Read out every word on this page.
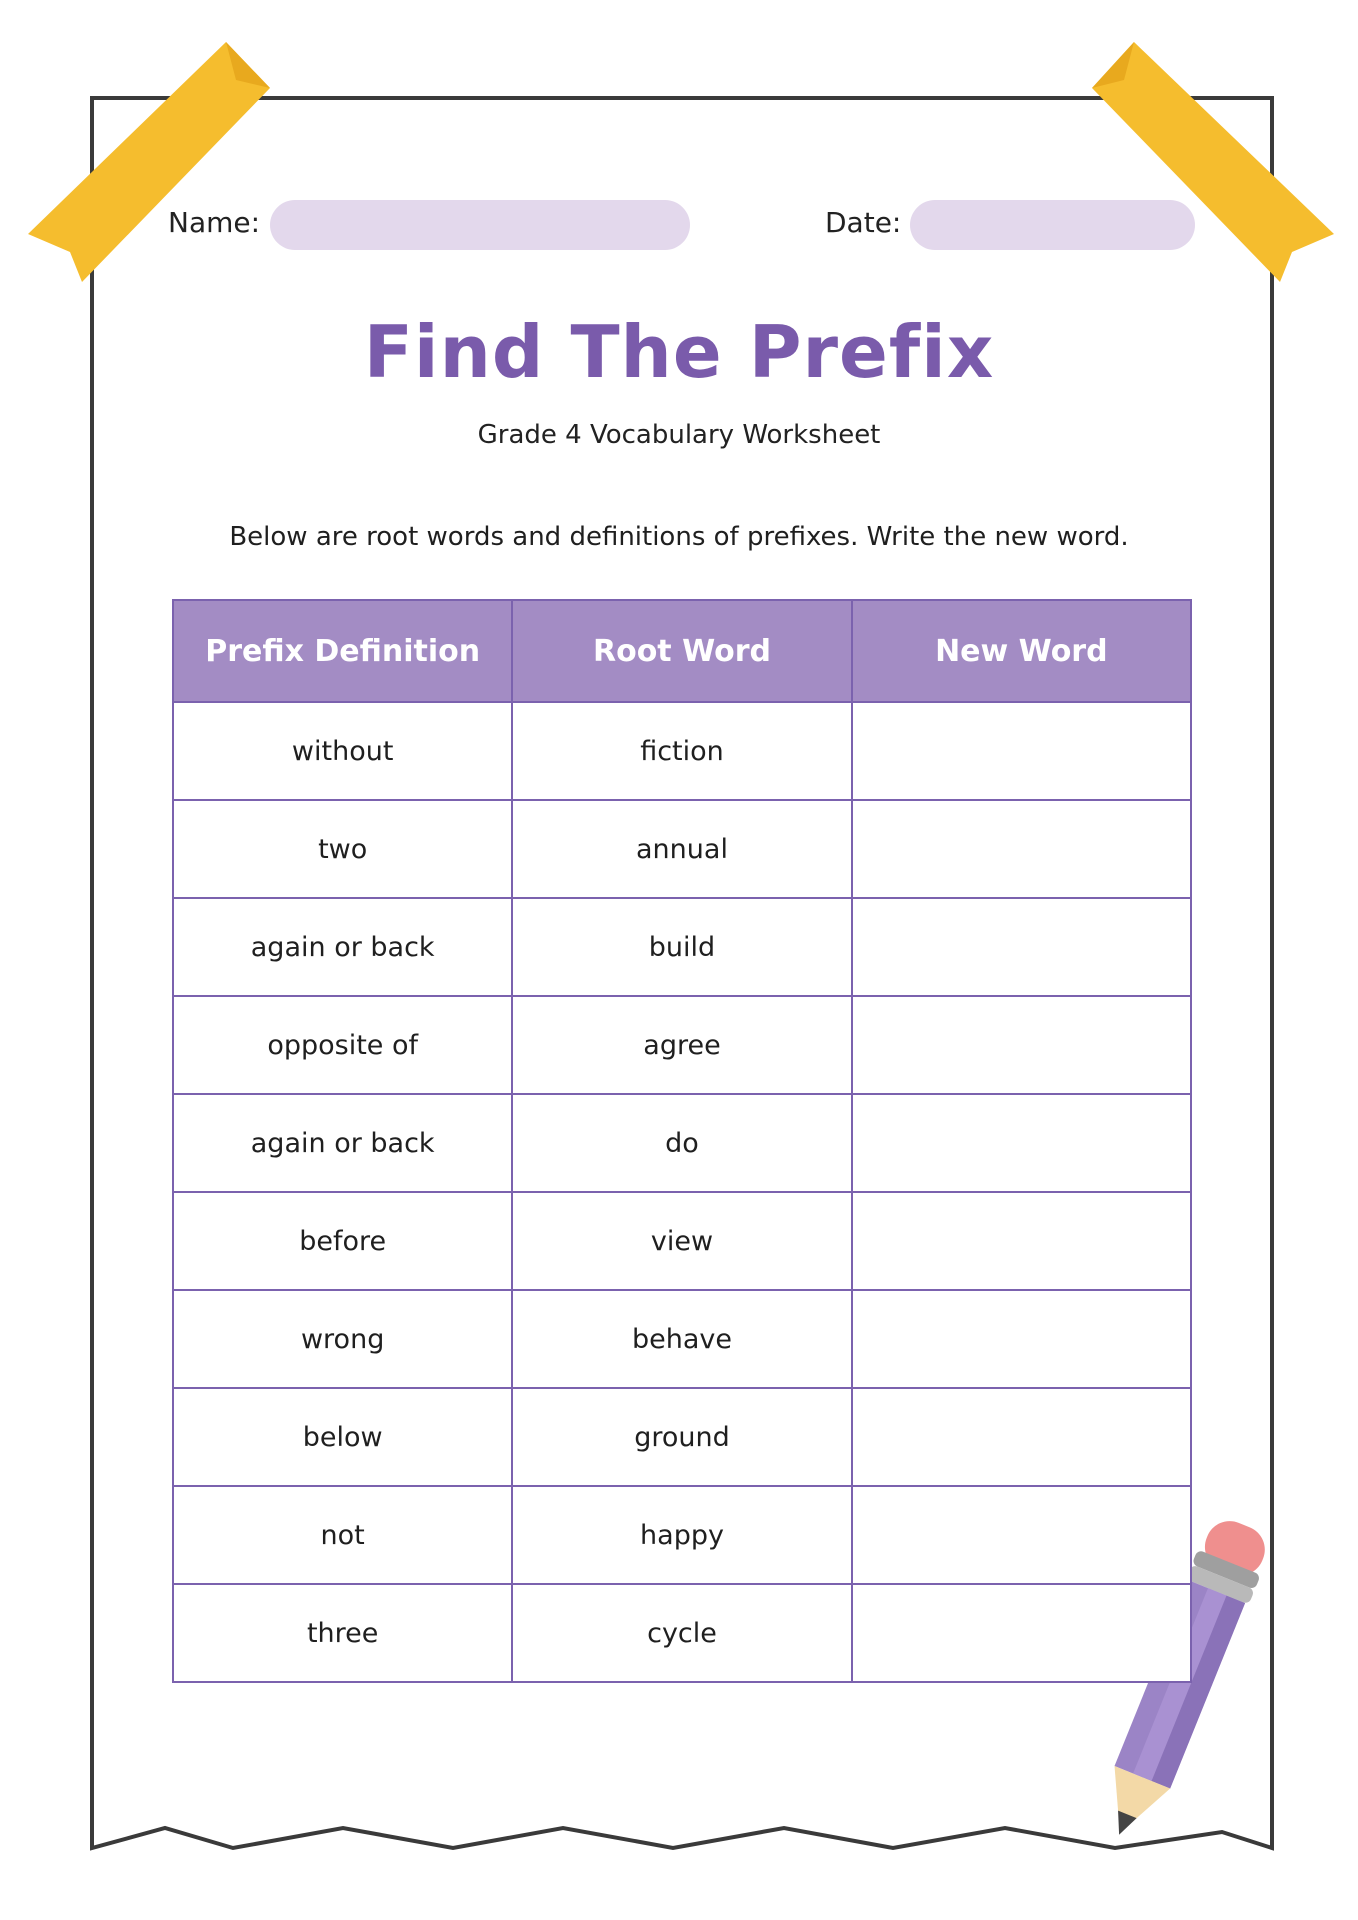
Name:	Date:
Find The Prefix
Grade 4 Vocabulary Worksheet
Below are root words and definitions of prefixes. Write the new word.
Prefix Definition	Root Word	New Word
without	fiction	
two	annual	
again or back	build	
opposite of	agree	
again or back	do	
before	view	
wrong	behave	
below	ground	
not	happy	
three	cycle	
